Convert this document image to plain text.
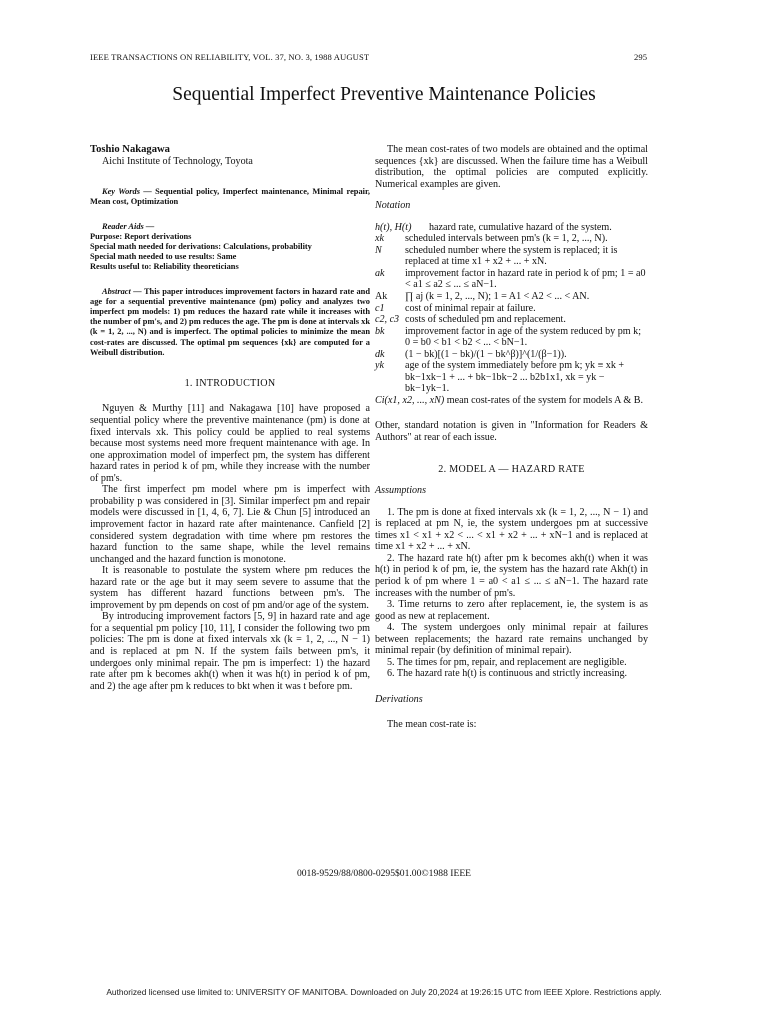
IEEE TRANSACTIONS ON RELIABILITY, VOL. 37, NO. 3, 1988 AUGUST	295
Sequential Imperfect Preventive Maintenance Policies
Toshio Nakagawa
Aichi Institute of Technology, Toyota

Key Words — Sequential policy, Imperfect maintenance, Minimal repair, Mean cost, Optimization

Reader Aids —
Purpose: Report derivations
Special math needed for derivations: Calculations, probability
Special math needed to use results: Same
Results useful to: Reliability theoreticians

Abstract — This paper introduces improvement factors in hazard rate and age for a sequential preventive maintenance (pm) policy and analyzes two imperfect pm models: 1) pm reduces the hazard rate while it increases with the number of pm's, and 2) pm reduces the age. The pm is done at intervals xk (k = 1, 2, ..., N) and is imperfect. The optimal policies to minimize the mean cost-rates are discussed. The optimal pm sequences {xk} are computed for a Weibull distribution.

1. INTRODUCTION

Nguyen & Murthy [11] and Nakagawa [10] have proposed a sequential policy where the preventive maintenance (pm) is done at fixed intervals xk. This policy could be applied to real systems because most systems need more frequent maintenance with age. In one approximation model of imperfect pm, the system has different hazard rates in period k of pm, while they increase with the number of pm's.

The first imperfect pm model where pm is imperfect with probability p was considered in [3]. Similar imperfect pm and repair models were discussed in [1, 4, 6, 7]. Lie & Chun [5] introduced an improvement factor in hazard rate after maintenance. Canfield [2] considered system degradation with time where pm restores the hazard function to the same shape, while the level remains unchanged and the hazard function is monotone.

It is reasonable to postulate the system where pm reduces the hazard rate or the age but it may seem severe to assume that the system has different hazard functions between pm's. The improvement by pm depends on cost of pm and/or age of the system.

By introducing improvement factors [5, 9] in hazard rate and age for a sequential pm policy [10, 11], I consider the following two pm policies: The pm is done at fixed intervals xk (k = 1, 2, ..., N − 1) and is replaced at pm N. If the system fails between pm's, it undergoes only minimal repair. The pm is imperfect: 1) the hazard rate after pm k becomes akh(t) when it was h(t) in period k of pm, and 2) the age after pm k reduces to bkt when it was t before pm.

The mean cost-rates of two models are obtained and the optimal sequences {xk} are discussed. When the failure time has a Weibull distribution, the optimal policies are computed explicitly. Numerical examples are given.

Notation
h(t), H(t)	hazard rate, cumulative hazard of the system.
xk	scheduled intervals between pm's (k = 1, 2, ..., N).
N	scheduled number where the system is replaced; it is replaced at time x1 + x2 + ... + xN.
ak	improvement factor in hazard rate in period k of pm; 1 = a0 < a1 ≤ a2 ≤ ... ≤ aN−1.
Ak	∏ aj (k = 1, 2, ..., N); 1 = A1 < A2 < ... < AN.
c1	cost of minimal repair at failure.
c2, c3 costs of scheduled pm and replacement.
bk	improvement factor in age of the system reduced by pm k; 0 = b0 < b1 < b2 < ... < bN−1.
dk	(1 − bk)[(1 − bk)/(1 − bk^β)]^(1/(β−1)).
yk	age of the system immediately before pm k; yk ≡ xk + bk−1xk−1 + ... + bk−1bk−2 ... b2b1x1, xk = yk − bk−1yk−1.
Ci(x1, x2, ..., xN) mean cost-rates of the system for models A & B.

Other, standard notation is given in "Information for Readers & Authors" at rear of each issue.

2. MODEL A — HAZARD RATE
Assumptions

1. The pm is done at fixed intervals xk (k = 1, 2, ..., N − 1) and is replaced at pm N, ie, the system undergoes pm at successive times x1 < x1 + x2 < ... < x1 + x2 + ... + xN−1 and is replaced at time x1 + x2 + ... + xN.

2. The hazard rate h(t) after pm k becomes akh(t) when it was h(t) in period k of pm, ie, the system has the hazard rate Akh(t) in period k of pm where 1 = a0 < a1 ≤ ... ≤ aN−1. The hazard rate increases with the number of pm's.

3. Time returns to zero after replacement, ie, the system is as good as new at replacement.

4. The system undergoes only minimal repair at failures between replacements; the hazard rate remains unchanged by minimal repair (by definition of minimal repair).

5. The times for pm, repair, and replacement are negligible.

6. The hazard rate h(t) is continuous and strictly increasing.

Derivations

The mean cost-rate is:

0018-9529/88/0800-0295$01.00©1988 IEEE
Authorized licensed use limited to: UNIVERSITY OF MANITOBA. Downloaded on July 20,2024 at 19:26:15 UTC from IEEE Xplore. Restrictions apply.
